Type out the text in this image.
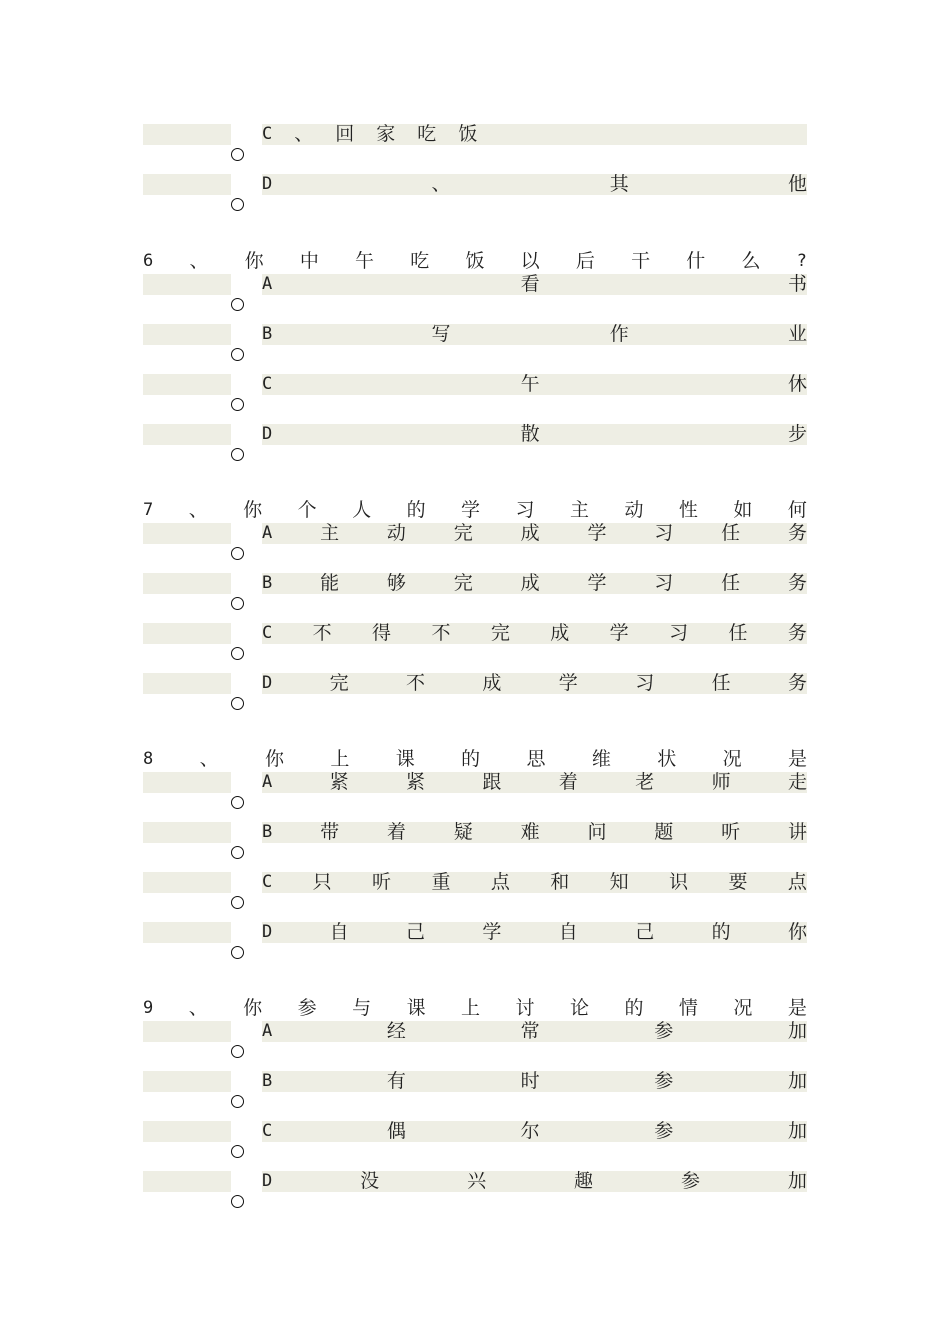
C 、 回 家 吃 饭
D	、	其	他
6 、 你 中 午 吃 饭 以 后 干 什 么 ?
A	看	书
B	写	作	业
C	午	休
D	散	步
7 、 你 个 人 的 学 习 主 动 性 如 何
A	主	动	完	成	学	习	任	务
B	能	够	完	成	学	习	任	务
C 不 得 不 完 成 学 习 任 务
D	完	不	成	学	习	任	务
8 、 你 上 课 的 思 维 状 况 是
A	紧	紧	跟	着	老	师	走
B	带	着	疑	难	问	题	听	讲
C 只 听 重 点 和 知 识 要 点
D	自	己	学	自	己	的	你
9 、 你 参 与 课 上 讨 论 的 情 况 是
A	经	常	参	加
B	有	时	参	加
C	偶	尔	参	加
D	没	兴	趣	参	加
